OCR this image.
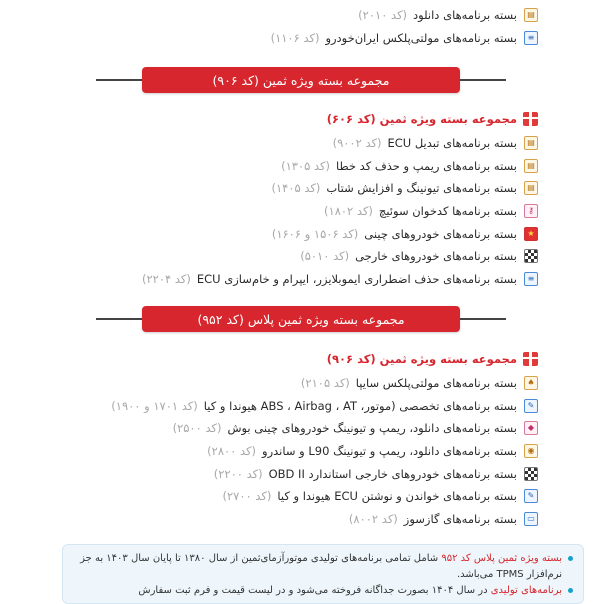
▤
بسته برنامه‌های دانلود
(کد ۲۰۱۰)
≡
بسته برنامه‌های مولتی‌پلکس ایران‌خودرو
(کد ۱۱۰۶)
مجموعه بسته ویژه ثمین (کد ۹۰۶)
مجموعه بسته ویژه ثمین (کد ۶۰۶)
▤
بسته برنامه‌های تبدیل ECU
(کد ۹۰۰۲)
▤
بسته برنامه‌های ریمپ و حذف کد خطا
(کد ۱۳۰۵)
▤
بسته برنامه‌های تیونینگ و افزایش شتاب
(کد ۱۴۰۵)
⚷
بسته برنامه‌ها کدخوان سوئیچ
(کد ۱۸۰۲)
★
بسته برنامه‌های خودروهای چینی
(کد ۱۵۰۶ و ۱۶۰۶)
بسته برنامه‌های خودروهای خارجی
(کد ۵۰۱۰)
≡
بسته برنامه‌های حذف اضطراری ایموبلایزر، ایپرام و خام‌سازی ECU
(کد ۲۲۰۴)
مجموعه بسته ویژه ثمین پلاس (کد ۹۵۲)
مجموعه بسته ویژه ثمین (کد ۹۰۶)
♠
بسته برنامه‌های مولتی‌پلکس سایپا
(کد ۲۱۰۵)
✎
بسته برنامه‌های تخصصی (موتور، ABS ، Airbag ، AT هیوندا و کیا
(کد ۱۷۰۱ و ۱۹۰۰)
◆
بسته برنامه‌های دانلود، ریمپ و تیونینگ خودروهای چینی بوش
(کد ۲۵۰۰)
◉
بسته برنامه‌های دانلود، ریمپ و تیونینگ L90 و ساندرو
(کد ۲۸۰۰)
بسته برنامه‌های خودروهای خارجی استاندارد OBD II
(کد ۲۲۰۰)
✎
بسته برنامه‌های خواندن و نوشتن ECU هیوندا و کیا
(کد ۲۷۰۰)
▭
بسته برنامه‌های گازسوز
(کد ۸۰۰۲)
بسته ویژه ثمین پلاس کد ۹۵۲ شامل تمامی برنامه‌های تولیدی موتورآزمای‌ثمین از سال ۱۳۸۰ تا پایان سال ۱۴۰۳ به جز نرم‌افزار TPMS می‌باشد.
برنامه‌های تولیدی در سال ۱۴۰۴ بصورت جداگانه فروخته می‌شود و در لیست قیمت و فرم ثبت سفارش
